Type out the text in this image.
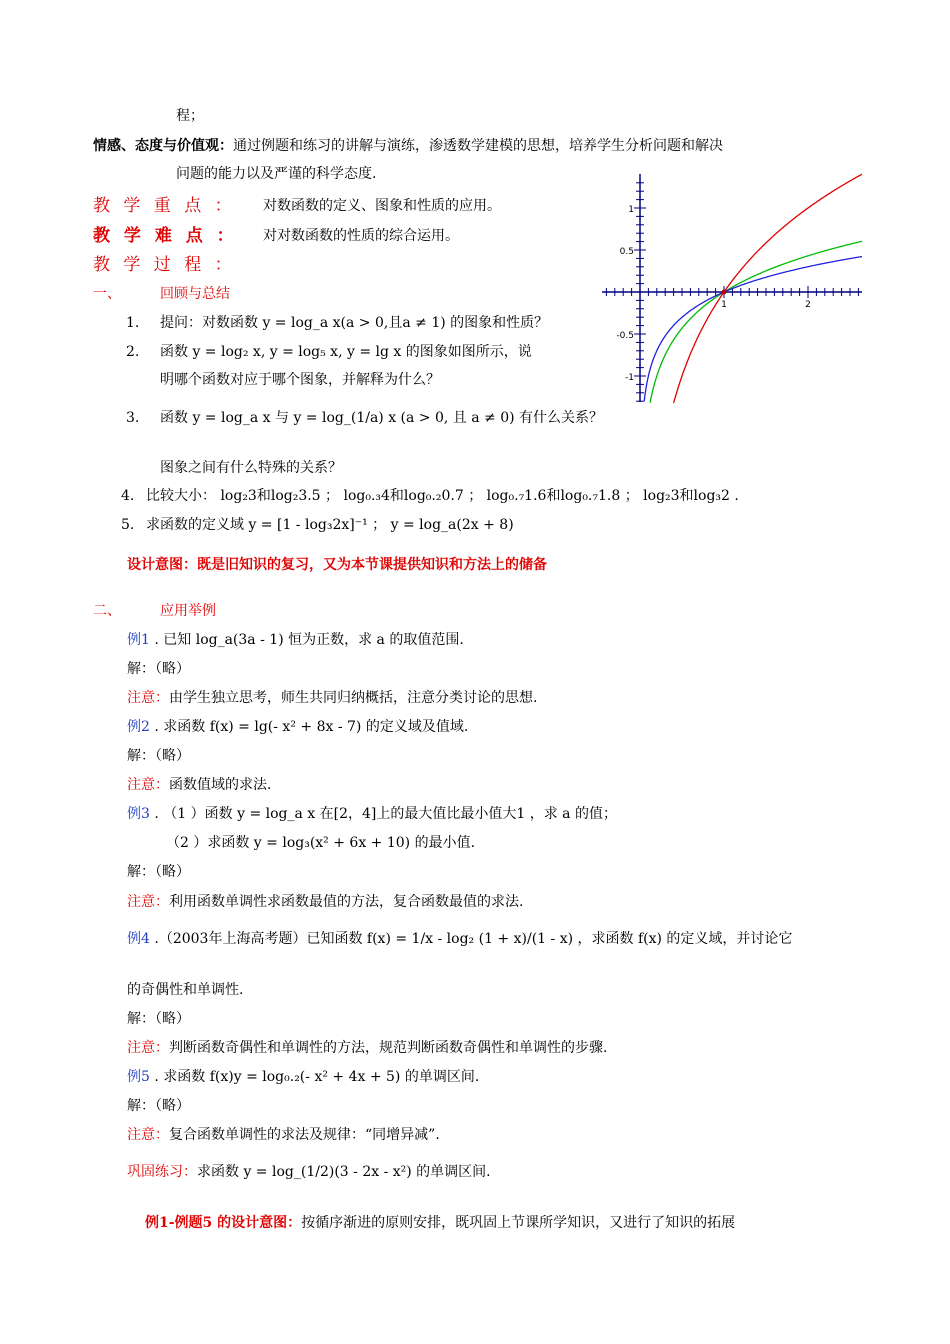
程；
情感、态度与价值观：通过例题和练习的讲解与演练，渗透数学建模的思想，培养学生分析问题和解决
问题的能力以及严谨的科学态度.
教 学 重 点 ： 对数函数的定义、图象和性质的应用。
教 学 难 点 ： 对对数函数的性质的综合运用。
教 学 过 程 ：
一、	回顾与总结
1. 提问：对数函数 y = log_a x(a > 0,且a ≠ 1) 的图象和性质？
2. 函数 y = log₂ x, y = log₅ x, y = lg x 的图象如图所示，说
明哪个函数对应于哪个图象，并解释为什么？
3. 函数 y = log_a x 与 y = log_(1/a) x (a > 0, 且 a ≠ 0) 有什么关系？
图象之间有什么特殊的关系？
4. 比较大小： log₂3和log₂3.5 ； log₀.₃4和log₀.₂0.7 ； log₀.₇1.6和log₀.₇1.8 ； log₂3和log₃2 .
5. 求函数的定义域 y = [1 - log₃2x]⁻¹ ； y = log_a(2x + 8)
设计意图：既是旧知识的复习，又为本节课提供知识和方法上的储备
二、	应用举例
例1 . 已知 log_a(3a - 1) 恒为正数，求 a 的取值范围.
解：（略）
注意：由学生独立思考，师生共同归纳概括，注意分类讨论的思想.
例2 . 求函数 f(x) = lg(- x² + 8x - 7) 的定义域及值域.
解：（略）
注意：函数值域的求法.
例3 . （1 ）函数 y = log_a x 在[2，4]上的最大值比最小值大1 ，求 a 的值；
（2 ）求函数 y = log₃(x² + 6x + 10) 的最小值.
解：（略）
注意：利用函数单调性求函数最值的方法，复合函数最值的求法.
例4 .（2003年上海高考题）已知函数 f(x) = 1/x - log₂ (1 + x)/(1 - x) ，求函数 f(x) 的定义域，并讨论它
的奇偶性和单调性.
解：（略）
注意：判断函数奇偶性和单调性的方法，规范判断函数奇偶性和单调性的步骤.
例5 . 求函数 f(x)y = log₀.₂(- x² + 4x + 5) 的单调区间.
解：（略）
注意：复合函数单调性的求法及规律：“同增异减”.
巩固练习：求函数 y = log_(1/2)(3 - 2x - x²) 的单调区间.
例1-例题5 的设计意图：按循序渐进的原则安排，既巩固上节课所学知识，又进行了知识的拓展
1
0.5
-0.5
-1
1	2
